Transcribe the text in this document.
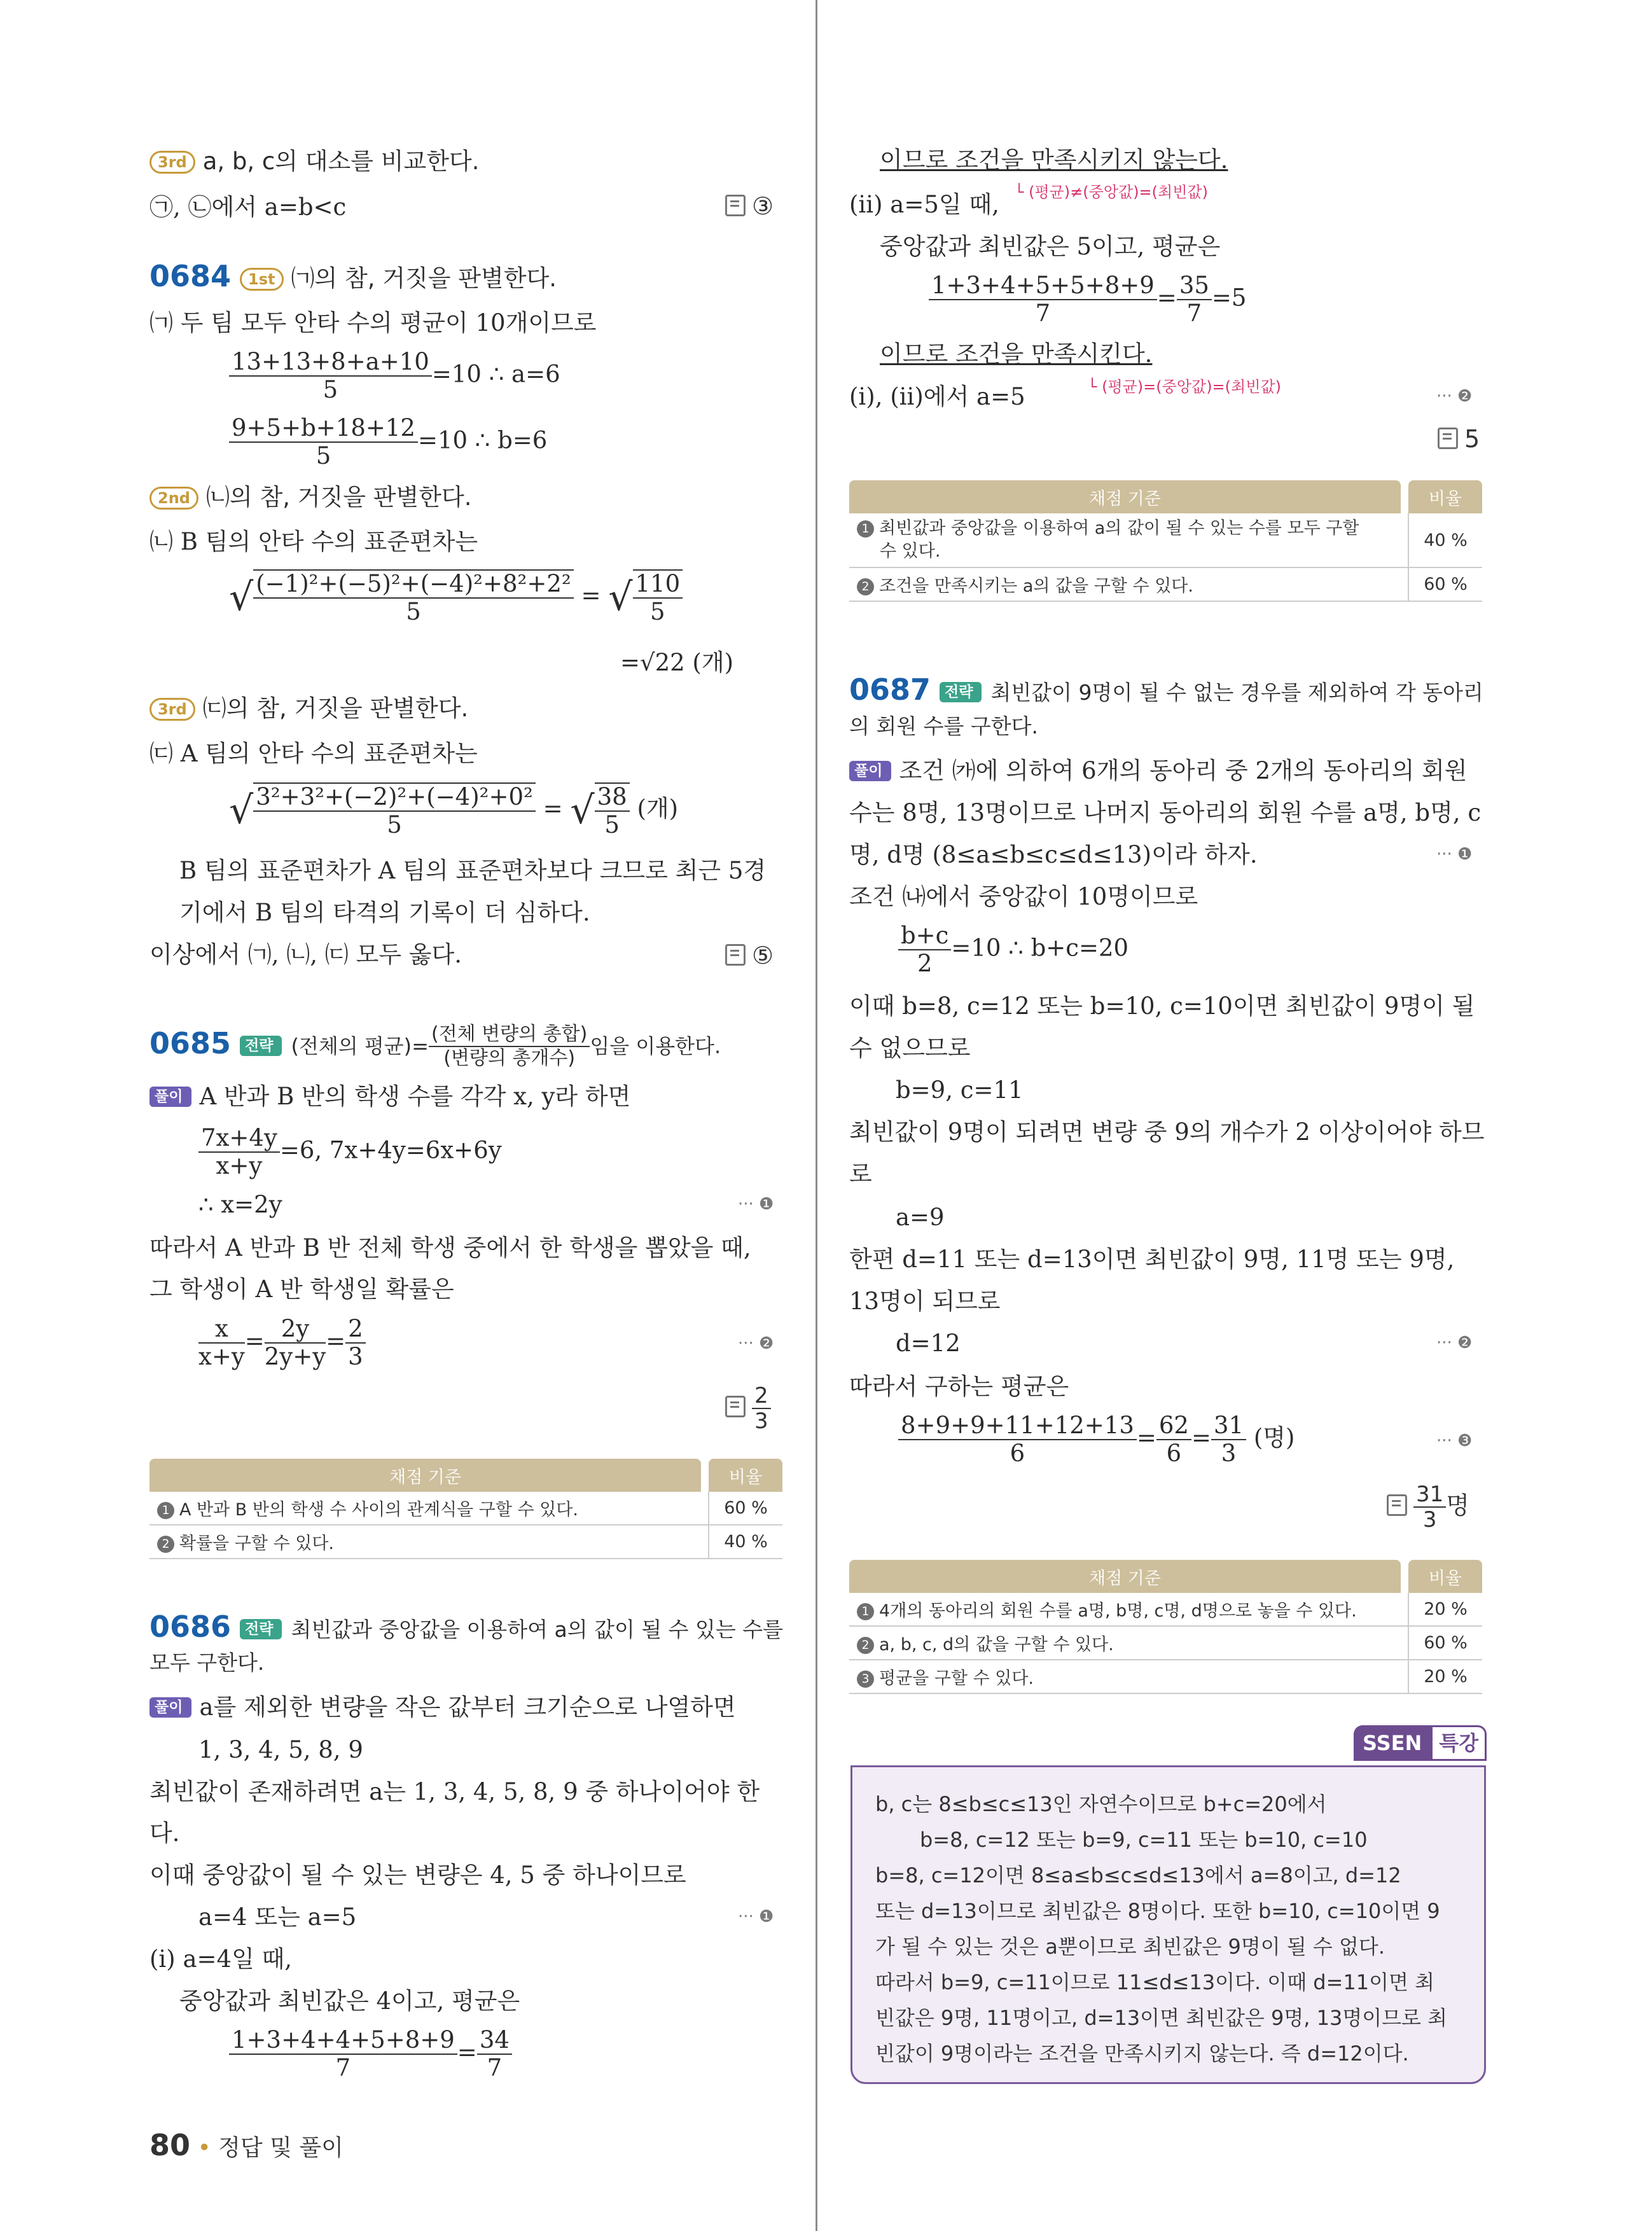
3rd a, b, c의 대소를 비교한다.
㉠, ㉡에서 a=b<c	③
0684 1st ㈀의 참, 거짓을 판별한다.
㈀ 두 팀 모두 안타 수의 평균이 10개이므로
$\frac{13+13+8+a+10}{5} =10$ ∴ a=6
$\frac{9+5+b+18+12}{5} =10$ ∴ b=6
2nd ㈁의 참, 거짓을 판별한다.
㈁ B 팀의 안타 수의 표준편차는
√ $\frac{\text{(−1)²+(−5)²+(−4)²+8²+2²}}{5}$ = √ $\frac{110}{5}$
=√22 (개)
3rd ㈂의 참, 거짓을 판별한다.
㈂ A 팀의 안타 수의 표준편차는
√ $\frac{\text{3²+3²+(−2)²+(−4)²+0²}}{5}$ = √ $\frac{38}{5}$ (개)
B 팀의 표준편차가 A 팀의 표준편차보다 크므로 최근 5경
기에서 B 팀의 타격의 기록이 더 심하다.
이상에서 ㈀, ㈁, ㈂ 모두 옳다.	⑤
0685 전략 (전체의 평균)= $\frac{\text{(전체 변량의 총합)}}{\text{(변량의 총개수)}}$ 임을 이용한다.
풀이 A 반과 B 반의 학생 수를 각각 x, y라 하면
$\frac{7x+4y}{x+y} =6$, 7x+4y=6x+6y
∴ x=2y	··· ❶
따라서 A 반과 B 반 전체 학생 중에서 한 학생을 뽑았을 때,
그 학생이 A 반 학생일 확률은
$\frac{x}{x+y} = \frac{2y}{2y+y} = \frac{2}{3}$	··· ❷
$\frac{2}{3}$
채점 기준		비율
1 A 반과 B 반의 학생 수 사이의 관계식을 구할 수 있다.		60 %
2 확률을 구할 수 있다.		40 %
0686 전략 최빈값과 중앙값을 이용하여 a의 값이 될 수 있는 수를
모두 구한다.
풀이 a를 제외한 변량을 작은 값부터 크기순으로 나열하면
1, 3, 4, 5, 8, 9
최빈값이 존재하려면 a는 1, 3, 4, 5, 8, 9 중 하나이어야 한
다.
이때 중앙값이 될 수 있는 변량은 4, 5 중 하나이므로
a=4 또는 a=5	··· ❶
(i) a=4일 때,
중앙값과 최빈값은 4이고, 평균은
$\frac{1+3+4+4+5+8+9}{7} = \frac{34}{7}$
80 • 정답 및 풀이
이므로 조건을 만족시키지 않는다.
└ (평균)≠(중앙값)=(최빈값)
(ii) a=5일 때,
중앙값과 최빈값은 5이고, 평균은
$\frac{1+3+4+5+5+8+9}{7} = \frac{35}{7} =5$
이므로 조건을 만족시킨다.
└ (평균)=(중앙값)=(최빈값)
(i), (ii)에서 a=5	··· ❷
5
채점 기준		비율
1 최빈값과 중앙값을 이용하여 a의 값이 될 수 있는 수를 모두 구할
수 있다.		40 %
2 조건을 만족시키는 a의 값을 구할 수 있다.		60 %
0687 전략 최빈값이 9명이 될 수 없는 경우를 제외하여 각 동아리
의 회원 수를 구한다.
풀이 조건 ㈎에 의하여 6개의 동아리 중 2개의 동아리의 회원
수는 8명, 13명이므로 나머지 동아리의 회원 수를 a명, b명, c
명, d명 (8≤a≤b≤c≤d≤13)이라 하자.	··· ❶
조건 ㈏에서 중앙값이 10명이므로
$\frac{b+c}{2} =10$ ∴ b+c=20
이때 b=8, c=12 또는 b=10, c=10이면 최빈값이 9명이 될
수 없으므로
b=9, c=11
최빈값이 9명이 되려면 변량 중 9의 개수가 2 이상이어야 하므
로
a=9
한편 d=11 또는 d=13이면 최빈값이 9명, 11명 또는 9명,
13명이 되므로
d=12	··· ❷
따라서 구하는 평균은
$\frac{8+9+9+11+12+13}{6} = \frac{62}{6} = \frac{31}{3}$ (명)	··· ❸
$\frac{31}{3}$ 명
채점 기준		비율
1 4개의 동아리의 회원 수를 a명, b명, c명, d명으로 놓을 수 있다.		20 %
2 a, b, c, d의 값을 구할 수 있다.		60 %
3 평균을 구할 수 있다.		20 %
SSEN 특강
b, c는 8≤b≤c≤13인 자연수이므로 b+c=20에서
b=8, c=12 또는 b=9, c=11 또는 b=10, c=10
b=8, c=12이면 8≤a≤b≤c≤d≤13에서 a=8이고, d=12
또는 d=13이므로 최빈값은 8명이다. 또한 b=10, c=10이면 9
가 될 수 있는 것은 a뿐이므로 최빈값은 9명이 될 수 없다.
따라서 b=9, c=11이므로 11≤d≤13이다. 이때 d=11이면 최
빈값은 9명, 11명이고, d=13이면 최빈값은 9명, 13명이므로 최
빈값이 9명이라는 조건을 만족시키지 않는다. 즉 d=12이다.
